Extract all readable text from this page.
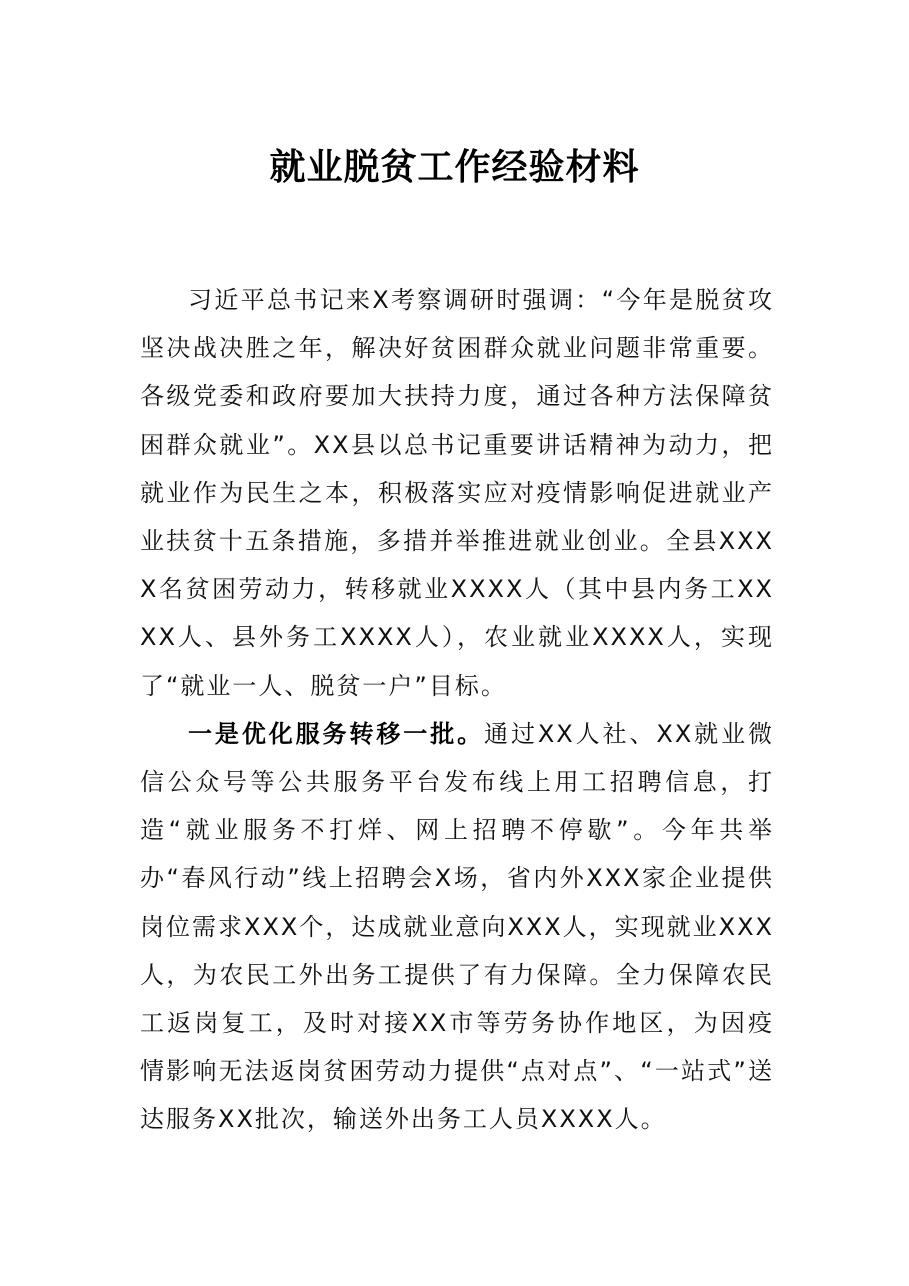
就业脱贫工作经验材料

习近平总书记来X考察调研时强调：“今年是脱贫攻坚决战决胜之年，解决好贫困群众就业问题非常重要。各级党委和政府要加大扶持力度，通过各种方法保障贫困群众就业”。XX县以总书记重要讲话精神为动力，把就业作为民生之本，积极落实应对疫情影响促进就业产业扶贫十五条措施，多措并举推进就业创业。全县XXXX名贫困劳动力，转移就业XXXX人（其中县内务工XXXX人、县外务工XXXX人），农业就业XXXX人，实现了“就业一人、脱贫一户”目标。

一是优化服务转移一批。通过XX人社、XX就业微信公众号等公共服务平台发布线上用工招聘信息，打造“就业服务不打烊、网上招聘不停歇”。今年共举办“春风行动”线上招聘会X场，省内外XXX家企业提供岗位需求XXX个，达成就业意向XXX人，实现就业XXX人，为农民工外出务工提供了有力保障。全力保障农民工返岗复工，及时对接XX市等劳务协作地区，为因疫情影响无法返岗贫困劳动力提供“点对点”、“一站式”送达服务XX批次，输送外出务工人员XXXX人。
